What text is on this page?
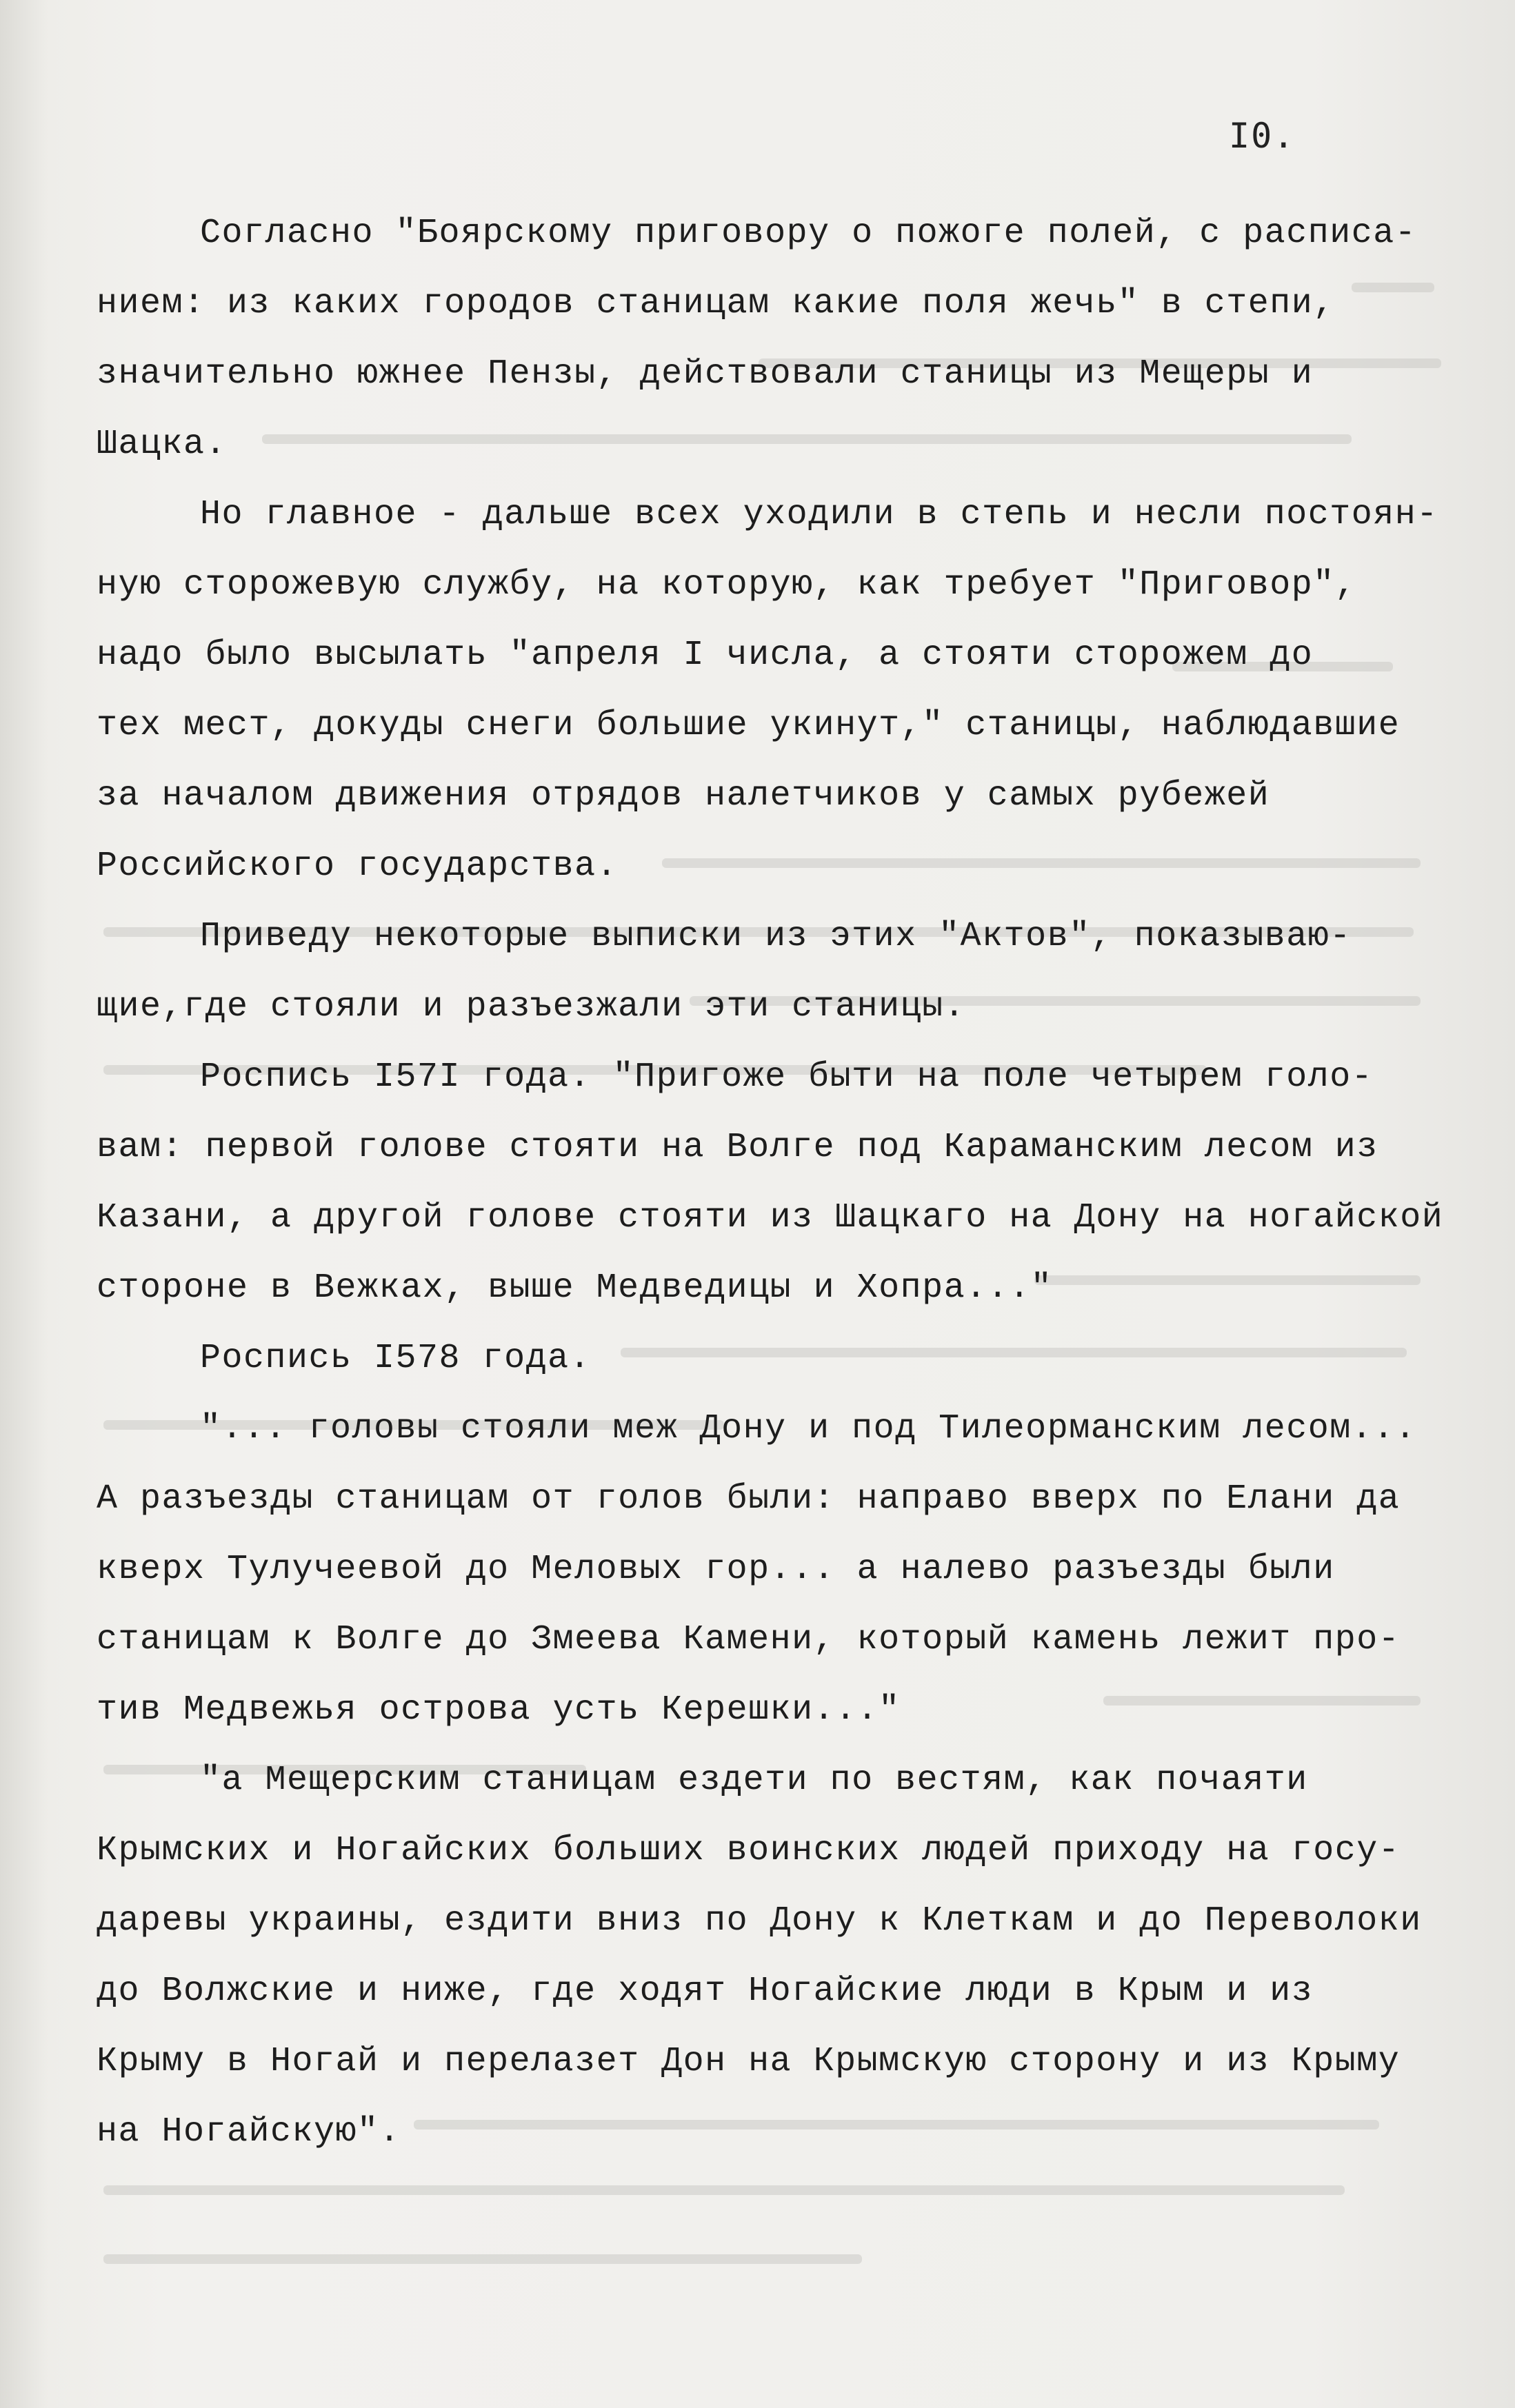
I0.
Согласно "Боярскому приговору о пожоге полей, с расписа-
нием: из каких городов станицам какие поля жечь" в степи,
значительно южнее Пензы, действовали станицы из Мещеры и
Шацка.
Но главное - дальше всех уходили в степь и несли постоян-
ную сторожевую службу, на которую, как требует "Приговор",
надо было высылать "апреля I числа, а стояти сторожем до
тех мест, докуды снеги большие укинут," станицы, наблюдавшие
за началом движения отрядов налетчиков у самых рубежей
Российского государства.
Приведу некоторые выписки из этих "Актов", показываю-
щие,где стояли и разъезжали эти станицы.
Роспись I57I года. "Пригоже быти на поле четырем голо-
вам: первой голове стояти на Волге под Караманским лесом из
Казани, а другой голове стояти из Шацкаго на Дону на ногайской
стороне в Вежках, выше Медведицы и Хопра..."
Роспись I578 года.
"... головы стояли меж Дону и под Тилеорманским лесом...
А разъезды станицам от голов были: направо вверх по Елани да
кверх Тулучеевой до Меловых гор... а налево разъезды были
станицам к Волге до Змеева Камени, который камень лежит про-
тив Медвежья острова усть Керешки..."
"а Мещерским станицам ездети по вестям, как почаяти
Крымских и Ногайских больших воинских людей приходу на госу-
даревы украины, ездити вниз по Дону к Клеткам и до Переволоки
до Волжские и ниже, где ходят Ногайские люди в Крым и из
Крыму в Ногай и перелазет Дон на Крымскую сторону и из Крыму
на Ногайскую".
